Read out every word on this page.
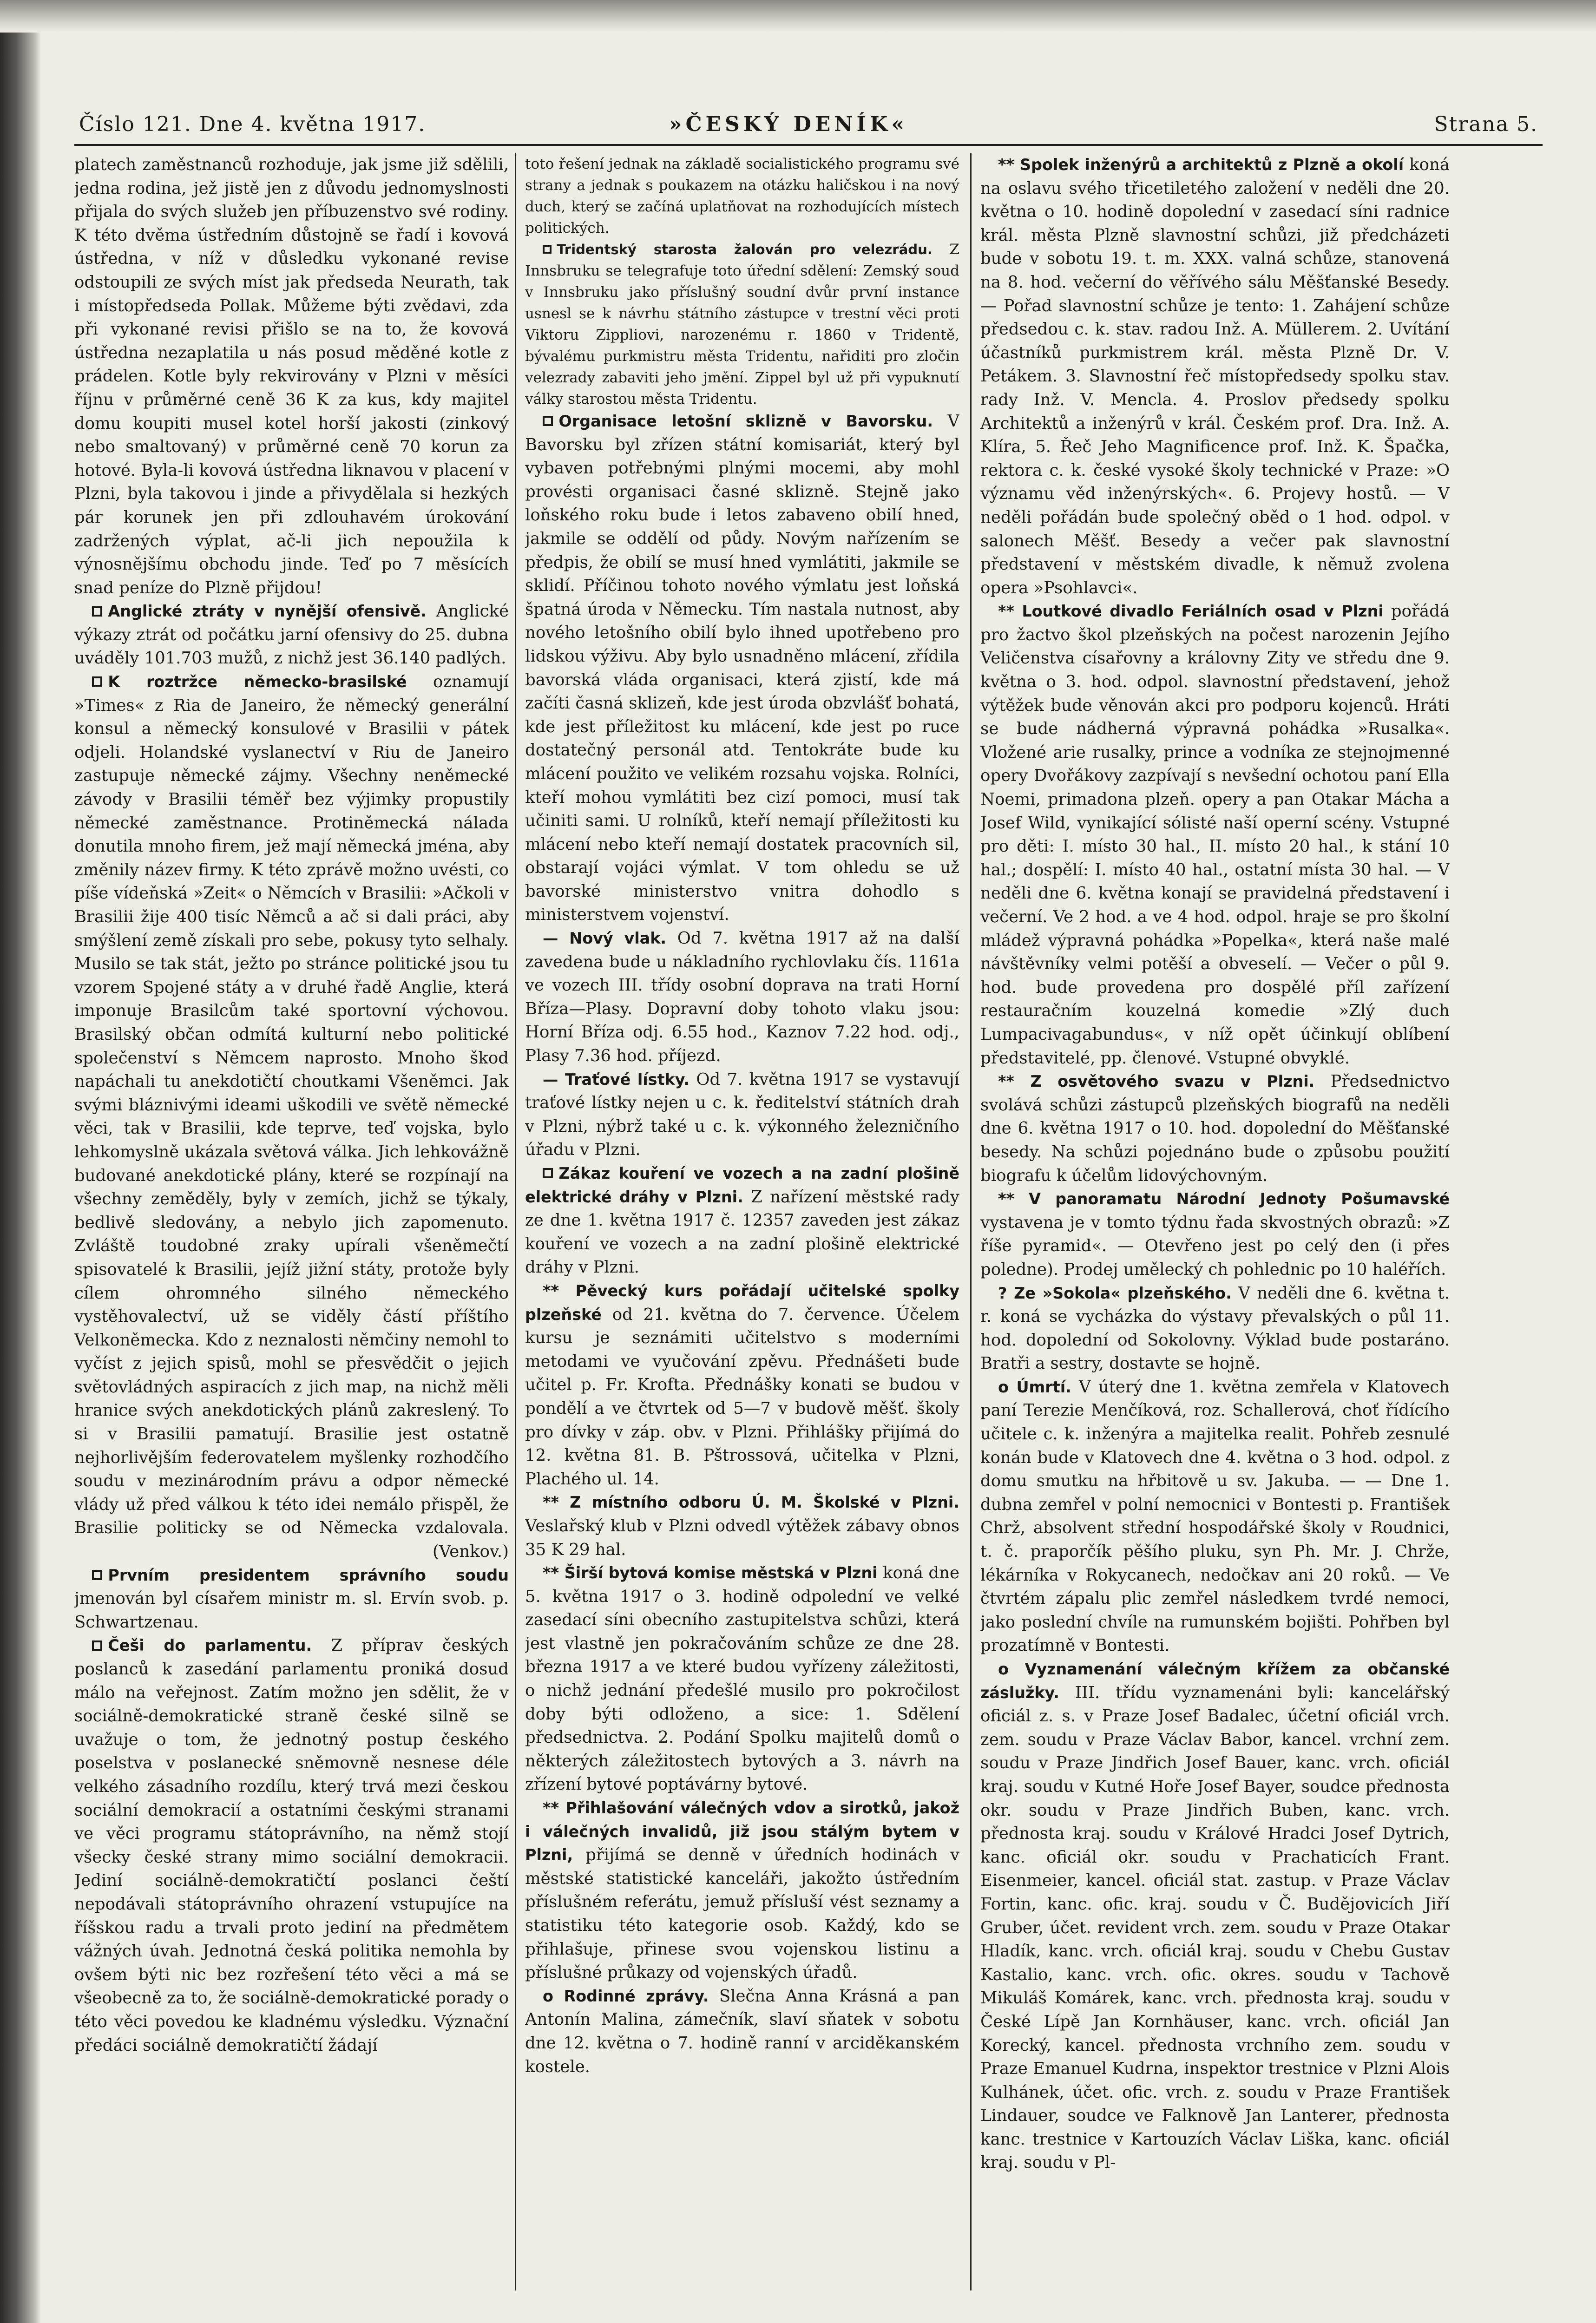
Číslo 121. Dne 4. května 1917.	»ČESKÝ DENÍK«	Strana 5.

platech zaměstnanců rozhoduje, jak jsme již sdělili, jedna rodina, jež jistě jen z důvodu jednomyslnosti přijala do svých služeb jen příbuzenstvo své rodiny. K této dvěma ústředním důstojně se řadí i kovová ústředna, v níž v důsledku vykonané revise odstoupili ze svých míst jak předseda Neurath, tak i místopředseda Pollak. Můžeme býti zvědavi, zda při vykonané revisi přišlo se na to, že kovová ústředna nezaplatila u nás posud měděné kotle z prádelen. Kotle byly rekvirovány v Plzni v měsíci říjnu v průměrné ceně 36 K za kus, kdy majitel domu koupiti musel kotel horší jakosti (zinkový nebo smaltovaný) v průměrné ceně 70 korun za hotové. Byla-li kovová ústředna liknavou v placení v Plzni, byla takovou i jinde a přivydělala si hezkých pár korunek jen při zdlouhavém úrokování zadržených výplat, ač-li jich nepoužila k výnosnějšímu obchodu jinde. Teď po 7 měsících snad peníze do Plzně přijdou!

Anglické ztráty v nynější ofensivě. Anglické výkazy ztrát od počátku jarní ofensivy do 25. dubna uváděly 101.703 mužů, z nichž jest 36.140 padlých.

K roztržce německo-brasilské oznamují »Times« z Ria de Janeiro, že německý generální konsul a německý konsulové v Brasilii v pátek odjeli. Holandské vyslanectví v Riu de Janeiro zastupuje německé zájmy. Všechny neněmecké závody v Brasilii téměř bez výjimky propustily německé zaměstnance. Protiněmecká nálada donutila mnoho firem, jež mají německá jména, aby změnily název firmy. K této zprávě možno uvésti, co píše vídeňská »Zeit« o Němcích v Brasilii: »Ačkoli v Brasilii žije 400 tisíc Němců a ač si dali práci, aby smýšlení země získali pro sebe, pokusy tyto selhaly. Musilo se tak stát, ježto po stránce politické jsou tu vzorem Spojené státy a v druhé řadě Anglie, která imponuje Brasilcům také sportovní výchovou. Brasilský občan odmítá kulturní nebo politické společenství s Němcem naprosto. Mnoho škod napáchali tu anekdotičtí choutkami Všeněmci. Jak svými bláznivými ideami uškodili ve světě německé věci, tak v Brasilii, kde teprve, teď vojska, bylo lehkomyslně ukázala světová válka. Jich lehkovážně budované anekdotické plány, které se rozpínají na všechny zeměděly, byly v zemích, jichž se týkaly, bedlivě sledovány, a nebylo jich zapomenuto. Zvláště toudobné zraky upírali všeněmečtí spisovatelé k Brasilii, jejíž jižní státy, protože byly cílem ohromného silného německého vystěhovalectví, už se viděly částí příštího Velkoněmecka. Kdo z neznalosti němčiny nemohl to vyčíst z jejich spisů, mohl se přesvědčit o jejich světovládných aspiracích z jich map, na nichž měli hranice svých anekdotických plánů zakreslený. To si v Brasilii pamatují. Brasilie jest ostatně nejhorlivějším federovatelem myšlenky rozhodčího soudu v mezinárodním právu a odpor německé vlády už před válkou k této idei nemálo přispěl, že Brasilie politicky se od Německa vzdalovala. (Venkov.)

Prvním presidentem správního soudu jmenován byl císařem ministr m. sl. Ervín svob. p. Schwartzenau.

Češi do parlamentu. Z příprav českých poslanců k zasedání parlamentu proniká dosud málo na veřejnost. Zatím možno jen sdělit, že v sociálně-demokratické straně české silně se uvažuje o tom, že jednotný postup českého poselstva v poslanecké sněmovně nesnese déle velkého zásadního rozdílu, který trvá mezi českou sociální demokracií a ostatními českými stranami ve věci programu státoprávního, na němž stojí všecky české strany mimo sociální demokracii. Jediní sociálně-demokratičtí poslanci čeští nepodávali státoprávního ohrazení vstupujíce na říšskou radu a trvali proto jediní na předmětem vážných úvah. Jednotná česká politika nemohla by ovšem býti nic bez rozřešení této věci a má se všeobecně za to, že sociálně-demokratické porady o této věci povedou ke kladnému výsledku. Význační předáci sociálně demokratičtí žádají

toto řešení jednak na základě socialistického programu své strany a jednak s poukazem na otázku haličskou i na nový duch, který se začíná uplatňovat na rozhodujících místech politických.

Tridentský starosta žalován pro velezrádu. Z Innsbruku se telegrafuje toto úřední sdělení: Zemský soud v Innsbruku jako příslušný soudní dvůr první instance usnesl se k návrhu státního zástupce v trestní věci proti Viktoru Zippliovi, narozenému r. 1860 v Tridentě, bývalému purkmistru města Tridentu, nařiditi pro zločin velezrady zabaviti jeho jmění. Zippel byl už při vypuknutí války starostou města Tridentu.

Organisace letošní sklizně v Bavorsku. V Bavorsku byl zřízen státní komisariát, který byl vybaven potřebnými plnými mocemi, aby mohl provésti organisaci časné sklizně. Stejně jako loňského roku bude i letos zabaveno obilí hned, jakmile se oddělí od půdy. Novým nařízením se předpis, že obilí se musí hned vymlátiti, jakmile se sklidí. Příčinou tohoto nového výmlatu jest loňská špatná úroda v Německu. Tím nastala nutnost, aby nového letošního obilí bylo ihned upotřebeno pro lidskou výživu. Aby bylo usnadněno mlácení, zřídila bavorská vláda organisaci, která zjistí, kde má začíti časná sklizeň, kde jest úroda obzvlášť bohatá, kde jest příležitost ku mlácení, kde jest po ruce dostatečný personál atd. Tentokráte bude ku mlácení použito ve velikém rozsahu vojska. Rolníci, kteří mohou vymlátiti bez cizí pomoci, musí tak učiniti sami. U rolníků, kteří nemají příležitosti ku mlácení nebo kteří nemají dostatek pracovních sil, obstarají vojáci výmlat. V tom ohledu se už bavorské ministerstvo vnitra dohodlo s ministerstvem vojenství.

— Nový vlak. Od 7. května 1917 až na další zavedena bude u nákladního rychlovlaku čís. 1161a ve vozech III. třídy osobní doprava na trati Horní Bříza—Plasy. Dopravní doby tohoto vlaku jsou: Horní Bříza odj. 6.55 hod., Kaznov 7.22 hod. odj., Plasy 7.36 hod. příjezd.

— Traťové lístky. Od 7. května 1917 se vystavují traťové lístky nejen u c. k. ředitelství státních drah v Plzni, nýbrž také u c. k. výkonného železničního úřadu v Plzni.

Zákaz kouření ve vozech a na zadní plošině elektrické dráhy v Plzni. Z nařízení městské rady ze dne 1. května 1917 č. 12357 zaveden jest zákaz kouření ve vozech a na zadní plošině elektrické dráhy v Plzni.

** Pěvecký kurs pořádají učitelské spolky plzeňské od 21. května do 7. července. Účelem kursu je seznámiti učitelstvo s moderními metodami ve vyučování zpěvu. Přednášeti bude učitel p. Fr. Krofta. Přednášky konati se budou v pondělí a ve čtvrtek od 5—7 v budově měšť. školy pro dívky v záp. obv. v Plzni. Přihlášky přijímá do 12. května 81. B. Pštrossová, učitelka v Plzni, Plachého ul. 14.

** Z místního odboru Ú. M. Školské v Plzni. Veslařský klub v Plzni odvedl výtěžek zábavy obnos 35 K 29 hal.

** Širší bytová komise městská v Plzni koná dne 5. května 1917 o 3. hodině odpolední ve velké zasedací síni obecního zastupitelstva schůzi, která jest vlastně jen pokračováním schůze ze dne 28. března 1917 a ve které budou vyřízeny záležitosti, o nichž jednání předešlé musilo pro pokročilost doby býti odloženo, a sice: 1. Sdělení předsednictva. 2. Podání Spolku majitelů domů o některých záležitostech bytových a 3. návrh na zřízení bytové poptávárny bytové.

** Přihlašování válečných vdov a sirotků, jakož i válečných invalidů, již jsou stálým bytem v Plzni, přijímá se denně v úředních hodinách v městské statistické kanceláři, jakožto ústředním příslušném referátu, jemuž přísluší vést seznamy a statistiku této kategorie osob. Každý, kdo se přihlašuje, přinese svou vojenskou listinu a příslušné průkazy od vojenských úřadů.

o Rodinné zprávy. Slečna Anna Krásná a pan Antonín Malina, zámečník, slaví sňatek v sobotu dne 12. května o 7. hodině ranní v arciděkanském kostele.

** Spolek inženýrů a architektů z Plzně a okolí koná na oslavu svého třicetiletého založení v neděli dne 20. května o 10. hodině dopolední v zasedací síni radnice král. města Plzně slavnostní schůzi, již předcházeti bude v sobotu 19. t. m. XXX. valná schůze, stanovená na 8. hod. večerní do věřívého sálu Měšťanské Besedy. — Pořad slavnostní schůze je tento: 1. Zahájení schůze předsedou c. k. stav. radou Inž. A. Müllerem. 2. Uvítání účastníků purkmistrem král. města Plzně Dr. V. Petákem. 3. Slavnostní řeč místopředsedy spolku stav. rady Inž. V. Mencla. 4. Proslov předsedy spolku Architektů a inženýrů v král. Českém prof. Dra. Inž. A. Klíra, 5. Řeč Jeho Magnificence prof. Inž. K. Špačka, rektora c. k. české vysoké školy technické v Praze: »O významu věd inženýrských«. 6. Projevy hostů. — V neděli pořádán bude společný oběd o 1 hod. odpol. v salonech Měšť. Besedy a večer pak slavnostní představení v městském divadle, k němuž zvolena opera »Psohlavci«.

** Loutkové divadlo Feriálních osad v Plzni pořádá pro žactvo škol plzeňských na počest narozenin Jejího Veličenstva císařovny a královny Zity ve středu dne 9. května o 3. hod. odpol. slavnostní představení, jehož výtěžek bude věnován akci pro podporu kojenců. Hráti se bude nádherná výpravná pohádka »Rusalka«. Vložené arie rusalky, prince a vodníka ze stejnojmenné opery Dvořákovy zazpívají s nevšední ochotou paní Ella Noemi, primadona plzeň. opery a pan Otakar Mácha a Josef Wild, vynikající sólisté naší operní scény. Vstupné pro děti: I. místo 30 hal., II. místo 20 hal., k stání 10 hal.; dospělí: I. místo 40 hal., ostatní místa 30 hal. — V neděli dne 6. května konají se pravidelná představení i večerní. Ve 2 hod. a ve 4 hod. odpol. hraje se pro školní mládež výpravná pohádka »Popelka«, která naše malé návštěvníky velmi potěší a obveselí. — Večer o půl 9. hod. bude provedena pro dospělé příl zařízení restauračním kouzelná komedie »Zlý duch Lumpacivagabundus«, v níž opět účinkují oblíbení představitelé, pp. členové. Vstupné obvyklé.

** Z osvětového svazu v Plzni. Předsednictvo svolává schůzi zástupců plzeňských biografů na neděli dne 6. května 1917 o 10. hod. dopolední do Měšťanské besedy. Na schůzi pojednáno bude o způsobu použití biografu k účelům lidovýchovným.

** V panoramatu Národní Jednoty Pošumavské vystavena je v tomto týdnu řada skvostných obrazů: »Z říše pyramid«. — Otevřeno jest po celý den (i přes poledne). Prodej umělecký ch pohlednic po 10 haléřích.

? Ze »Sokola« plzeňského. V neděli dne 6. května t. r. koná se vycházka do výstavy převalských o půl 11. hod. dopolední od Sokolovny. Výklad bude postaráno. Bratři a sestry, dostavte se hojně.

o Úmrtí. V úterý dne 1. května zemřela v Klatovech paní Terezie Menčíková, roz. Schallerová, choť řídícího učitele c. k. inženýra a majitelka realit. Pohřeb zesnulé konán bude v Klatovech dne 4. května o 3 hod. odpol. z domu smutku na hřbitově u sv. Jakuba. — — Dne 1. dubna zemřel v polní nemocnici v Bontesti p. František Chrž, absolvent střední hospodářské školy v Roudnici, t. č. praporčík pěšího pluku, syn Ph. Mr. J. Chrže, lékárníka v Rokycanech, nedočkav ani 20 roků. — Ve čtvrtém zápalu plic zemřel následkem tvrdé nemoci, jako poslední chvíle na rumunském bojišti. Pohřben byl prozatímně v Bontesti.

o Vyznamenání válečným křížem za občanské záslužky. III. třídu vyznamenáni byli: kancelářský oficiál z. s. v Praze Josef Badalec, účetní oficiál vrch. zem. soudu v Praze Václav Babor, kancel. vrchní zem. soudu v Praze Jindřich Josef Bauer, kanc. vrch. oficiál kraj. soudu v Kutné Hoře Josef Bayer, soudce přednosta okr. soudu v Praze Jindřich Buben, kanc. vrch. přednosta kraj. soudu v Králové Hradci Josef Dytrich, kanc. oficiál okr. soudu v Prachaticích Frant. Eisenmeier, kancel. oficiál stat. zastup. v Praze Václav Fortin, kanc. ofic. kraj. soudu v Č. Budějovicích Jiří Gruber, účet. revident vrch. zem. soudu v Praze Otakar Hladík, kanc. vrch. oficiál kraj. soudu v Chebu Gustav Kastalio, kanc. vrch. ofic. okres. soudu v Tachově Mikuláš Komárek, kanc. vrch. přednosta kraj. soudu v České Lípě Jan Kornhäuser, kanc. vrch. oficiál Jan Korecký, kancel. přednosta vrchního zem. soudu v Praze Emanuel Kudrna, inspektor trestnice v Plzni Alois Kulhánek, účet. ofic. vrch. z. soudu v Praze František Lindauer, soudce ve Falknově Jan Lanterer, přednosta kanc. trestnice v Kartouzích Václav Liška, kanc. oficiál kraj. soudu v Pl-
